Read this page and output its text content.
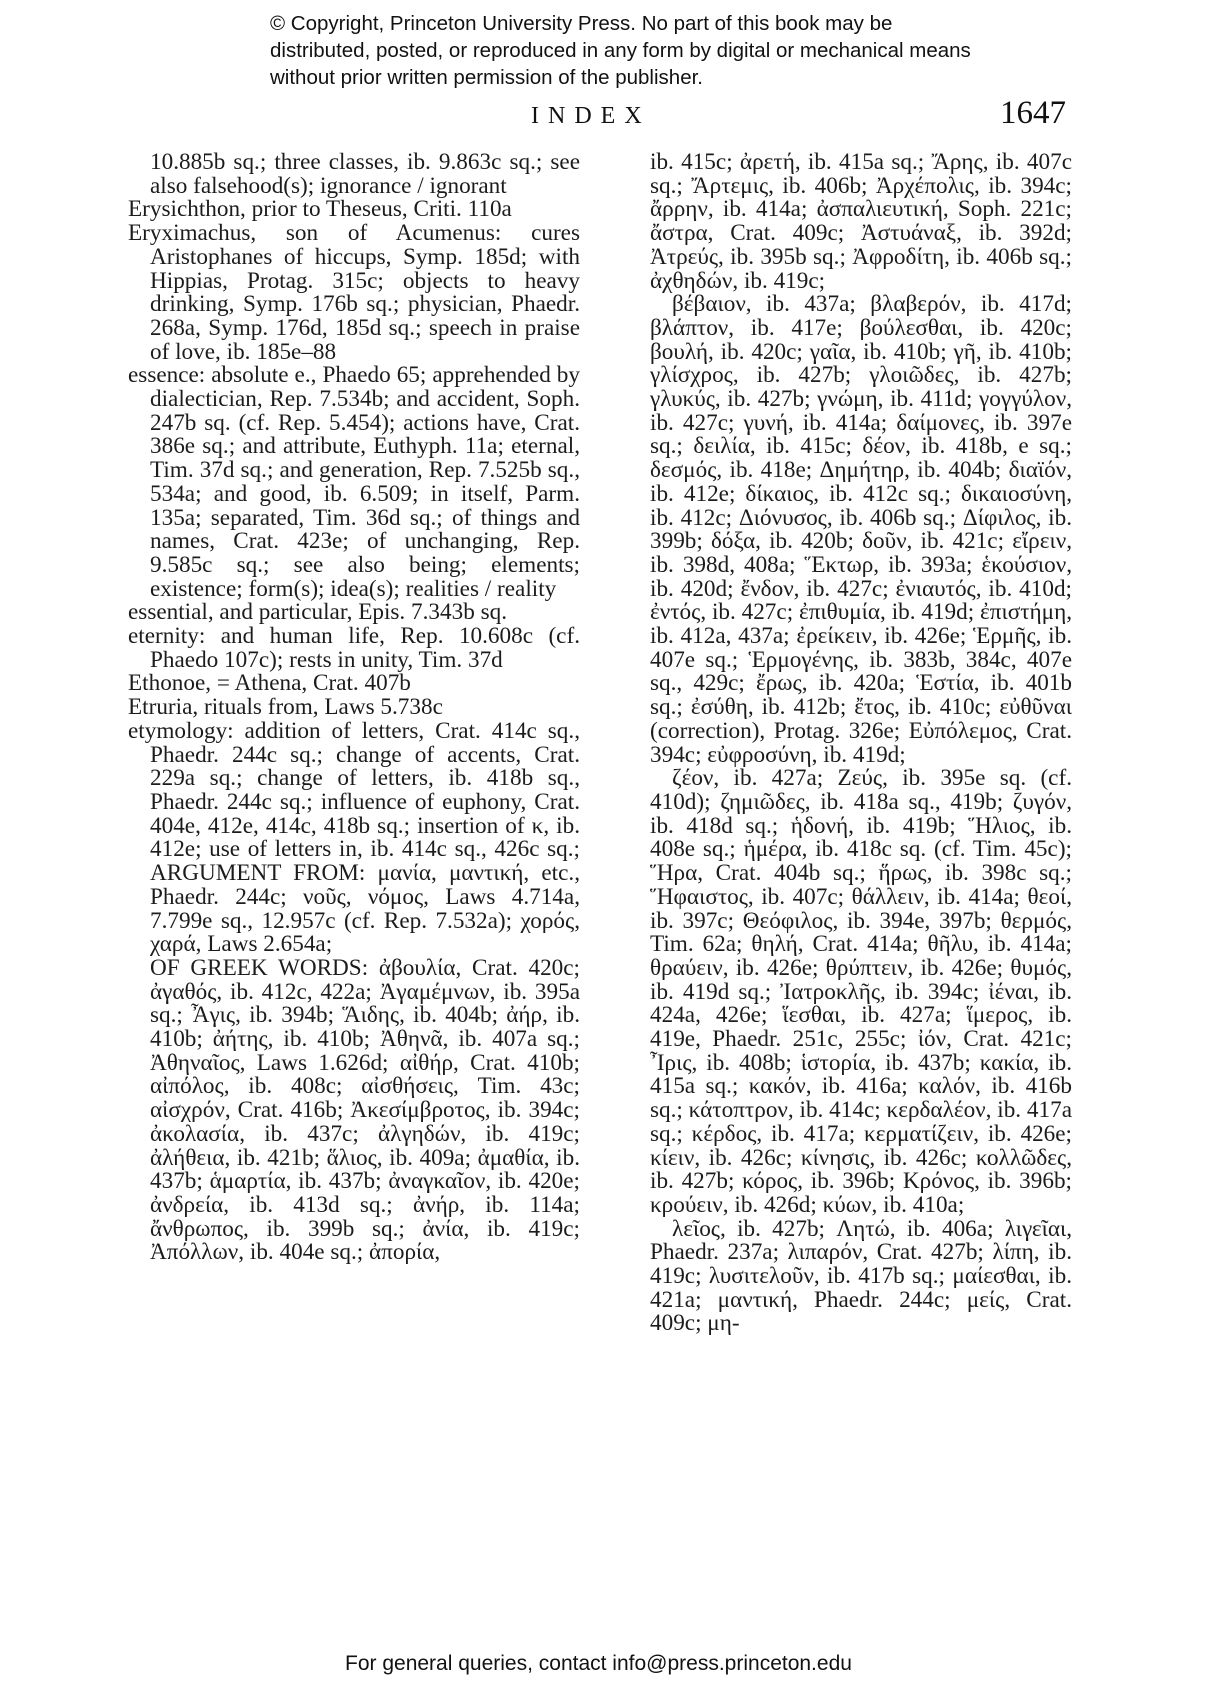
© Copyright, Princeton University Press. No part of this book may be distributed, posted, or reproduced in any form by digital or mechanical means without prior written permission of the publisher.
INDEX	1647
10.885b sq.; three classes, ib. 9.863c sq.; see also falsehood(s); ignorance / ignorant
Erysichthon, prior to Theseus, Criti. 110a
Eryximachus, son of Acumenus: cures Aristophanes of hiccups, Symp. 185d; with Hippias, Protag. 315c; objects to heavy drinking, Symp. 176b sq.; physician, Phaedr. 268a, Symp. 176d, 185d sq.; speech in praise of love, ib. 185e–88
essence: absolute e., Phaedo 65; apprehended by dialectician, Rep. 7.534b; and accident, Soph. 247b sq. (cf. Rep. 5.454); actions have, Crat. 386e sq.; and attribute, Euthyph. 11a; eternal, Tim. 37d sq.; and generation, Rep. 7.525b sq., 534a; and good, ib. 6.509; in itself, Parm. 135a; separated, Tim. 36d sq.; of things and names, Crat. 423e; of unchanging, Rep. 9.585c sq.; see also being; elements; existence; form(s); idea(s); realities / reality
essential, and particular, Epis. 7.343b sq.
eternity: and human life, Rep. 10.608c (cf. Phaedo 107c); rests in unity, Tim. 37d
Ethonoe, = Athena, Crat. 407b
Etruria, rituals from, Laws 5.738c
etymology: addition of letters, Crat. 414c sq., Phaedr. 244c sq.; change of accents, Crat. 229a sq.; change of letters, ib. 418b sq., Phaedr. 244c sq.; influence of euphony, Crat. 404e, 412e, 414c, 418b sq.; insertion of κ, ib. 412e; use of letters in, ib. 414c sq., 426c sq.; ARGUMENT FROM: μανία, μαντική, etc., Phaedr. 244c; νοῦς, νόμος, Laws 4.714a, 7.799e sq., 12.957c (cf. Rep. 7.532a); χορός, χαρά, Laws 2.654a;
OF GREEK WORDS: ἀβουλία, Crat. 420c; ἀγαθός, ib. 412c, 422a; Ἀγαμέμνων, ib. 395a sq.; Ἆγις, ib. 394b; Ἅιδης, ib. 404b; ἀήρ, ib. 410b; ἀήτης, ib. 410b; Ἀθηνᾶ, ib. 407a sq.; Ἀθηναῖος, Laws 1.626d; αἰθήρ, Crat. 410b; αἰπόλος, ib. 408c; αἰσθήσεις, Tim. 43c; αἰσχρόν, Crat. 416b; Ἀκεσίμβροτος, ib. 394c; ἀκολασία, ib. 437c; ἀλγηδών, ib. 419c; ἀλήθεια, ib. 421b; ἅλιος, ib. 409a; ἀμαθία, ib. 437b; ἁμαρτία, ib. 437b; ἀναγκαῖον, ib. 420e; ἀνδρεία, ib. 413d sq.; ἀνήρ, ib. 114a; ἄνθρωπος, ib. 399b sq.; ἀνία, ib. 419c; Ἀπόλλων, ib. 404e sq.; ἀπορία,
ib. 415c; ἀρετή, ib. 415a sq.; Ἄρης, ib. 407c sq.; Ἄρτεμις, ib. 406b; Ἀρχέπολις, ib. 394c; ἄρρην, ib. 414a; ἀσπαλιευτική, Soph. 221c; ἄστρα, Crat. 409c; Ἀστυάναξ, ib. 392d; Ἀτρεύς, ib. 395b sq.; Ἀφροδίτη, ib. 406b sq.; ἀχθηδών, ib. 419c;
βέβαιον, ib. 437a; βλαβερόν, ib. 417d; βλάπτον, ib. 417e; βούλεσθαι, ib. 420c; βουλή, ib. 420c; γαῖα, ib. 410b; γῆ, ib. 410b; γλίσχρος, ib. 427b; γλοιῶδες, ib. 427b; γλυκύς, ib. 427b; γνώμη, ib. 411d; γογγύλον, ib. 427c; γυνή, ib. 414a; δαίμονες, ib. 397e sq.; δειλία, ib. 415c; δέον, ib. 418b, e sq.; δεσμός, ib. 418e; Δημήτηρ, ib. 404b; διαϊόν, ib. 412e; δίκαιος, ib. 412c sq.; δικαιοσύνη, ib. 412c; Διόνυσος, ib. 406b sq.; Δίφιλος, ib. 399b; δόξα, ib. 420b; δοῦν, ib. 421c; εἴρειν, ib. 398d, 408a; Ἕκτωρ, ib. 393a; ἑκούσιον, ib. 420d; ἔνδον, ib. 427c; ἐνιαυτός, ib. 410d; ἐντός, ib. 427c; ἐπιθυμία, ib. 419d; ἐπιστήμη, ib. 412a, 437a; ἐρείκειν, ib. 426e; Ἑρμῆς, ib. 407e sq.; Ἑρμογένης, ib. 383b, 384c, 407e sq., 429c; ἔρως, ib. 420a; Ἑστία, ib. 401b sq.; ἐσύθη, ib. 412b; ἔτος, ib. 410c; εὐθῦναι (correction), Protag. 326e; Εὐπόλεμος, Crat. 394c; εὐφροσύνη, ib. 419d;
ζέον, ib. 427a; Ζεύς, ib. 395e sq. (cf. 410d); ζημιῶδες, ib. 418a sq., 419b; ζυγόν, ib. 418d sq.; ἡδονή, ib. 419b; Ἥλιος, ib. 408e sq.; ἡμέρα, ib. 418c sq. (cf. Tim. 45c); Ἥρα, Crat. 404b sq.; ἥρως, ib. 398c sq.; Ἥφαιστος, ib. 407c; θάλλειν, ib. 414a; θεοί, ib. 397c; Θεόφιλος, ib. 394e, 397b; θερμός, Tim. 62a; θηλή, Crat. 414a; θῆλυ, ib. 414a; θραύειν, ib. 426e; θρύπτειν, ib. 426e; θυμός, ib. 419d sq.; Ἰατροκλῆς, ib. 394c; ἰέναι, ib. 424a, 426e; ἵεσθαι, ib. 427a; ἵμερος, ib. 419e, Phaedr. 251c, 255c; ἰόν, Crat. 421c; Ἶρις, ib. 408b; ἱστορία, ib. 437b; κακία, ib. 415a sq.; κακόν, ib. 416a; καλόν, ib. 416b sq.; κάτοπτρον, ib. 414c; κερδαλέον, ib. 417a sq.; κέρδος, ib. 417a; κερματίζειν, ib. 426e; κίειν, ib. 426c; κίνησις, ib. 426c; κολλῶδες, ib. 427b; κόρος, ib. 396b; Κρόνος, ib. 396b; κρούειν, ib. 426d; κύων, ib. 410a;
λεῖος, ib. 427b; Λητώ, ib. 406a; λιγεῖαι, Phaedr. 237a; λιπαρόν, Crat. 427b; λίπη, ib. 419c; λυσιτελοῦν, ib. 417b sq.; μαίεσθαι, ib. 421a; μαντική, Phaedr. 244c; μείς, Crat. 409c; μη-
For general queries, contact info@press.princeton.edu
